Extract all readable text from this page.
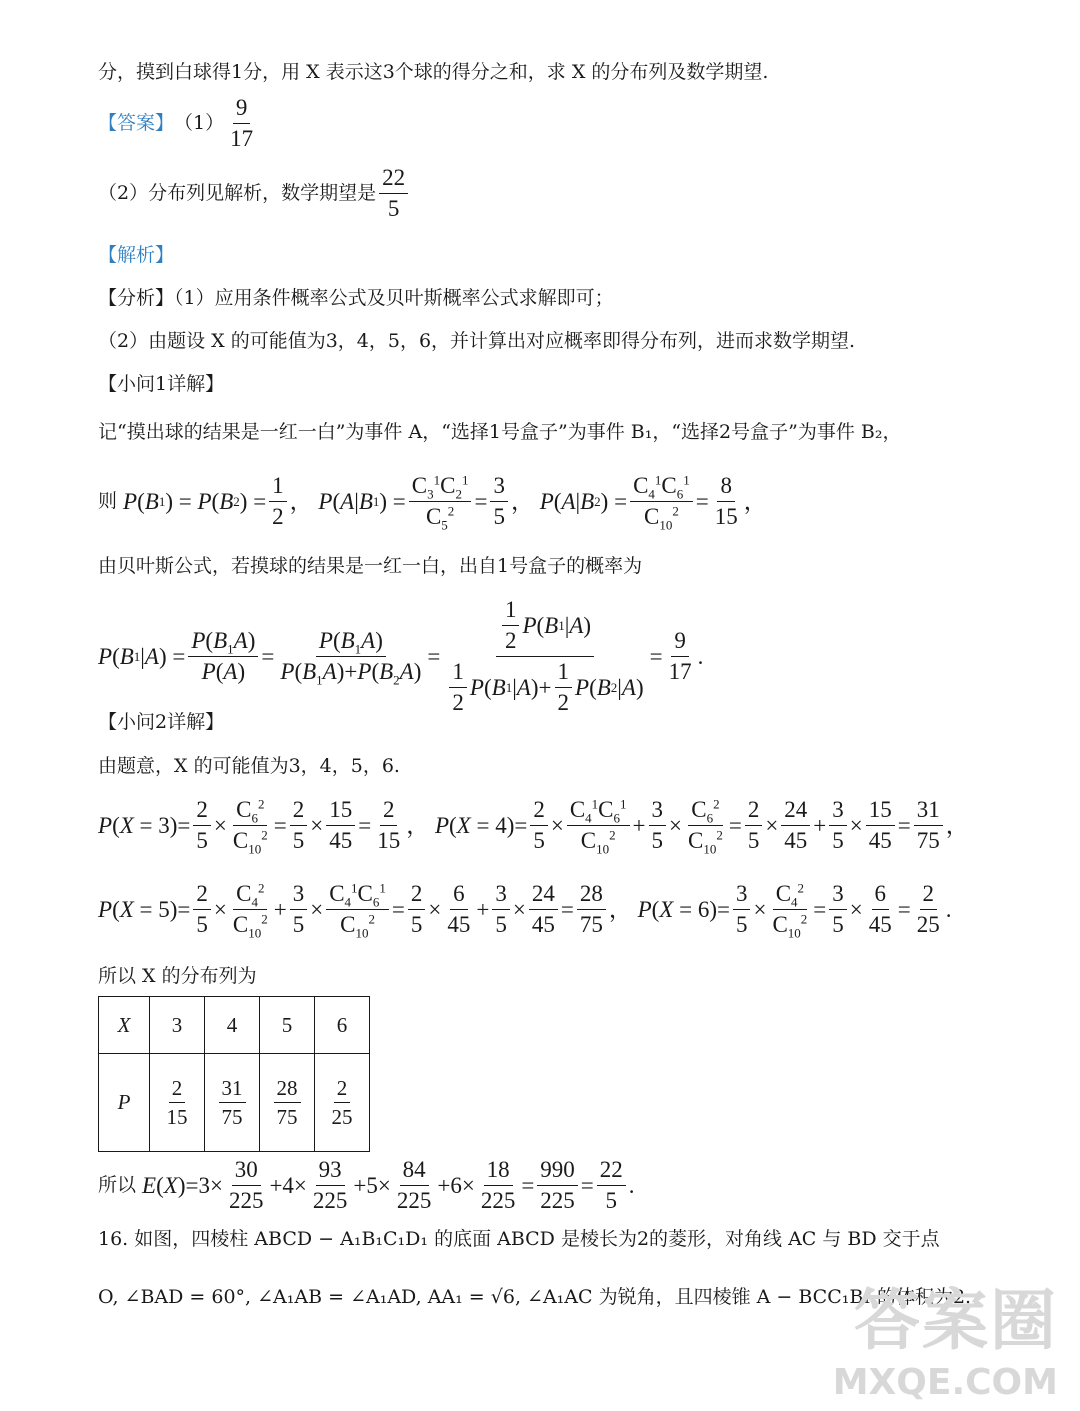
分，摸到白球得1分，用 X 表示这3个球的得分之和，求 X 的分布列及数学期望.
【答案】 $(1) \frac{9}{17}$
（2）分布列见解析，数学期望是 $\frac{22}{5}$
【解析】
【分析】（1）应用条件概率公式及贝叶斯概率公式求解即可；
（2）由题设 X 的可能值为3，4，5，6，并计算出对应概率即得分布列，进而求数学期望.
【小问1详解】
记“摸出球的结果是一红一白”为事件 A，“选择1号盒子”为事件 B₁，“选择2号盒子”为事件 B₂，
则 P ( B 1 ) = P ( B 2 ) = $\frac{1}{2}$ ， P ( A | B 1 ) = $\frac{C_3^1C_2^1}{C_5^2} = \frac{3}{5}$ ， P ( A | B 2 ) = $\frac{C_4^1C_6^1}{C_{10}^2} = \frac{8}{15}$ ，
由贝叶斯公式，若摸球的结果是一红一白，出自1号盒子的概率为
P ( B 1 | A ) = $\frac{P(B_1A)}{P(A)} = \frac{P(B_1A)}{P(B_1A)+P(B_2A)} = \frac{\frac{1}{2} P ( B 1 | A )}{\frac{1}{2} P ( B 1 | A )+ \frac{1}{2} P ( B 2 | A )} = \frac{9}{17}$ .
【小问2详解】
由题意，X 的可能值为3，4，5，6.
P ( $X = 3)= \frac{2}{5} \times \frac{C_6^2}{C_{10}^2} = \frac{2}{5} \times \frac{15}{45} = \frac{2}{15}$ ， P ( $X = 4)= \frac{2}{5} \times \frac{C_4^1C_6^1}{C_{10}^2} + \frac{3}{5} \times \frac{C_6^2}{C_{10}^2} = \frac{2}{5} \times \frac{24}{45} + \frac{3}{5} \times \frac{15}{45} = \frac{31}{75}$ ，
P ( $X = 5)= \frac{2}{5} \times \frac{C_4^2}{C_{10}^2} + \frac{3}{5} \times \frac{C_4^1C_6^1}{C_{10}^2} = \frac{2}{5} \times \frac{6}{45} + \frac{3}{5} \times \frac{24}{45} = \frac{28}{75}$ ， P ( $X = 6)= \frac{3}{5} \times \frac{C_4^2}{C_{10}^2} = \frac{3}{5} \times \frac{6}{45} = \frac{2}{25}$ .
所以 X 的分布列为
X	3	4	5	6
P	$\frac{2}{15}$	$\frac{31}{75}$	$\frac{28}{75}$	$\frac{2}{25}$
所以 E ( X )$=3\times \frac{30}{225} +4\times \frac{93}{225} +5\times \frac{84}{225} +6\times \frac{18}{225} = \frac{990}{225} = \frac{22}{5}$ .
16. 如图，四棱柱 ABCD − A₁B₁C₁D₁ 的底面 ABCD 是棱长为2的菱形，对角线 AC 与 BD 交于点
O, ∠BAD = 60°, ∠A₁AB = ∠A₁AD, AA₁ = √6, ∠A₁AC 为锐角，且四棱锥 A − BCC₁B₁ 的体积为2.
答案圈
MXQE.COM
